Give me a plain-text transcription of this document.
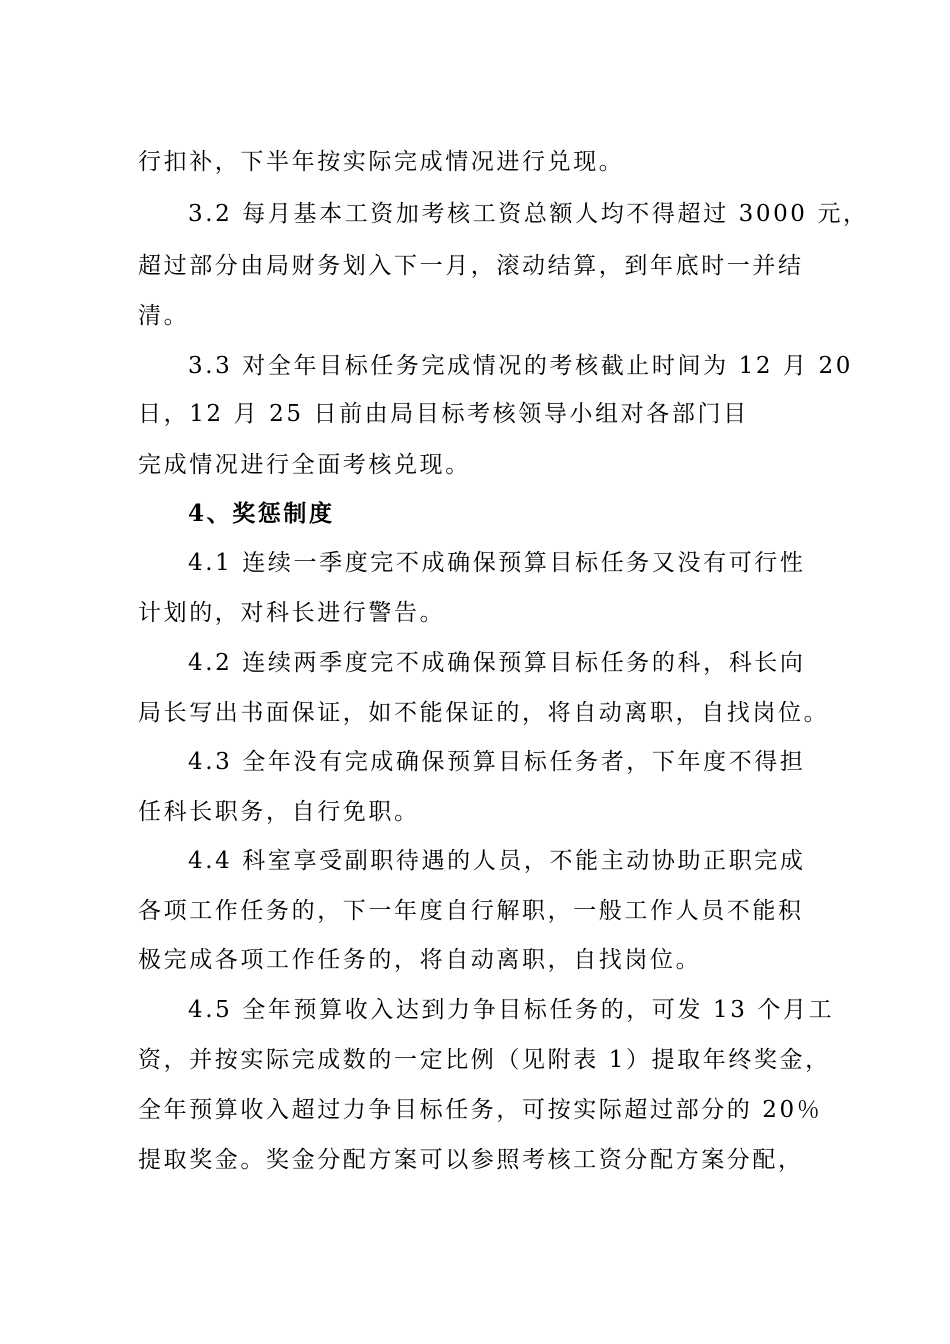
行扣补，下半年按实际完成情况进行兑现。
3.2 每月基本工资加考核工资总额人均不得超过 3000 元，
超过部分由局财务划入下一月，滚动结算，到年底时一并结
清。
3.3 对全年目标任务完成情况的考核截止时间为 12 月 20
日，12 月 25 日前由局目标考核领导小组对各部门目
完成情况进行全面考核兑现。
4、奖惩制度
4.1 连续一季度完不成确保预算目标任务又没有可行性
计划的，对科长进行警告。
4.2 连续两季度完不成确保预算目标任务的科，科长向
局长写出书面保证，如不能保证的，将自动离职，自找岗位。
4.3 全年没有完成确保预算目标任务者，下年度不得担
任科长职务，自行免职。
4.4 科室享受副职待遇的人员，不能主动协助正职完成
各项工作任务的，下一年度自行解职，一般工作人员不能积
极完成各项工作任务的，将自动离职，自找岗位。
4.5 全年预算收入达到力争目标任务的，可发 13 个月工
资，并按实际完成数的一定比例（见附表 1）提取年终奖金，
全年预算收入超过力争目标任务，可按实际超过部分的 20％
提取奖金。奖金分配方案可以参照考核工资分配方案分配，
